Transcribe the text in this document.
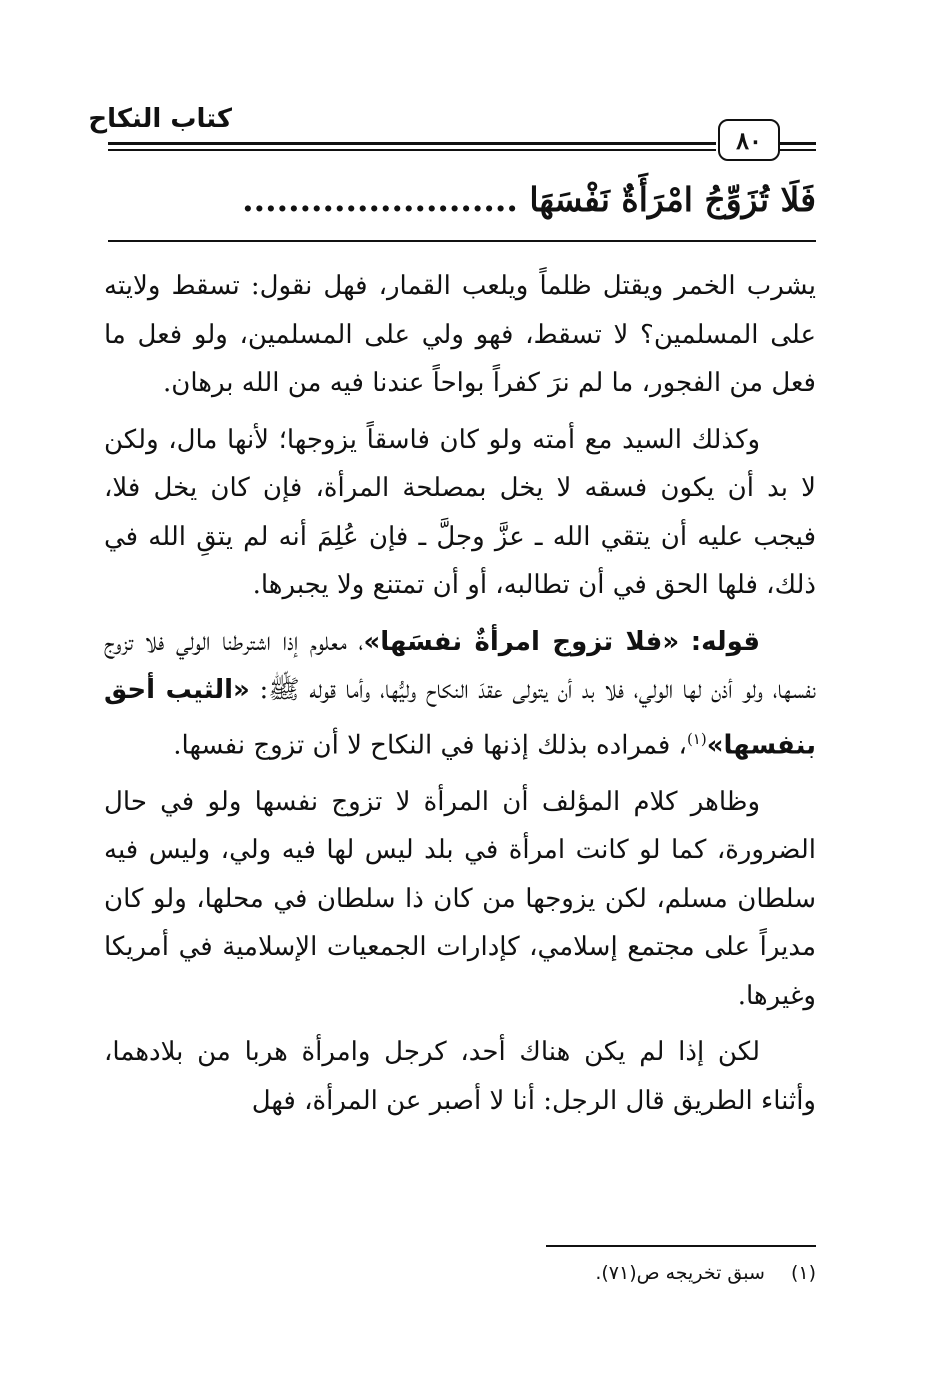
كتاب النكاح
٨٠
فَلَا تُزَوِّجُ امْرَأَةٌ نَفْسَهَا ........................

يشرب الخمر ويقتل ظلماً ويلعب القمار، فهل نقول: تسقط ولايته على المسلمين؟ لا تسقط، فهو ولي على المسلمين، ولو فعل ما فعل من الفجور، ما لم نرَ كفراً بواحاً عندنا فيه من الله برهان.

وكذلك السيد مع أمته ولو كان فاسقاً يزوجها؛ لأنها مال، ولكن لا بد أن يكون فسقه لا يخل بمصلحة المرأة، فإن كان يخل فلا، فيجب عليه أن يتقي الله ـ عزَّ وجلَّ ـ فإن عُلِمَ أنه لم يتقِ الله في ذلك، فلها الحق في أن تطالبه، أو أن تمتنع ولا يجبرها.

قوله: «فلا تزوج امرأةٌ نفسَها»، معلوم إذا اشترطنا الولي فلا تزوج نفسها، ولو أذن لها الولي، فلا بد أن يتولى عقدَ النكاح وليُّها، وأما قوله ﷺ: «الثيب أحق بنفسها»$^{(١)}$، فمراده بذلك إذنها في النكاح لا أن تزوج نفسها.

وظاهر كلام المؤلف أن المرأة لا تزوج نفسها ولو في حال الضرورة، كما لو كانت امرأة في بلد ليس لها فيه ولي، وليس فيه سلطان مسلم، لكن يزوجها من كان ذا سلطان في محلها، ولو كان مديراً على مجتمع إسلامي، كإدارات الجمعيات الإسلامية في أمريكا وغيرها.

لكن إذا لم يكن هناك أحد، كرجل وامرأة هربا من بلادهما، وأثناء الطريق قال الرجل: أنا لا أصبر عن المرأة، فهل

(١)سبق تخريجه ص(٧١).
